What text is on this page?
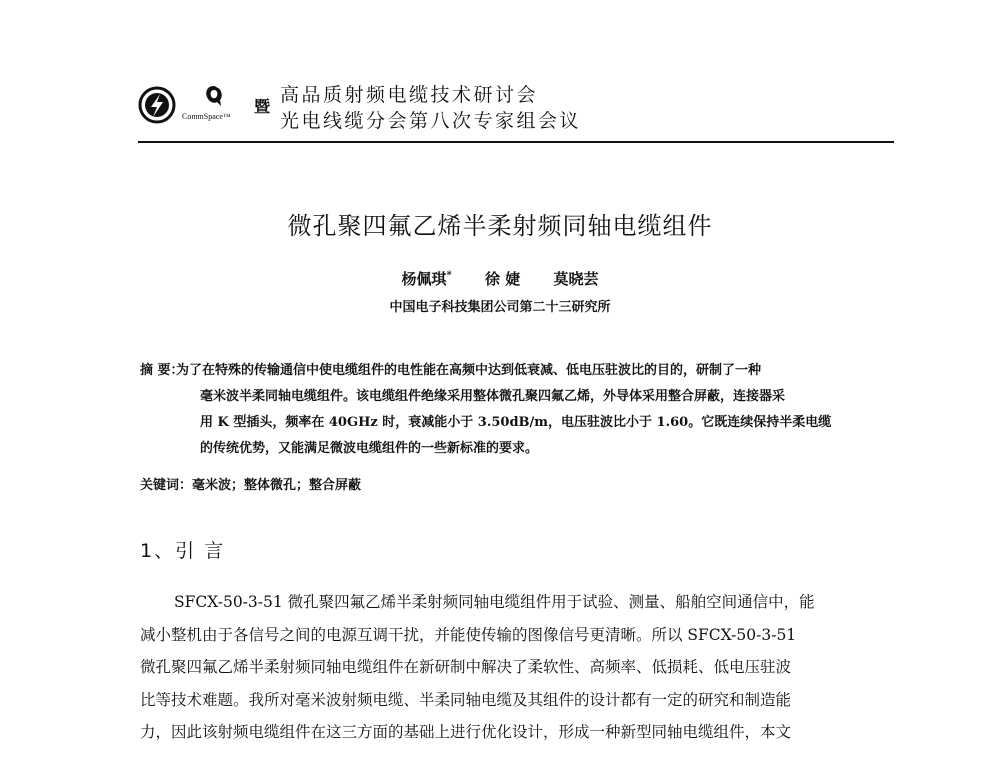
CommSpace™
暨
高品质射频电缆技术研讨会
光电线缆分会第八次专家组会议
微孔聚四氟乙烯半柔射频同轴电缆组件
杨佩琪* 徐 婕 莫晓芸
中国电子科技集团公司第二十三研究所
摘 要：
为了在特殊的传输通信中使电缆组件的电性能在高频中达到低衰减、低电压驻波比的目的，研制了一种
毫米波半柔同轴电缆组件。该电缆组件绝缘采用整体微孔聚四氟乙烯，外导体采用整合屏蔽，连接器采
用 K 型插头，频率在 40GHz 时，衰减能小于 3.50dB/m，电压驻波比小于 1.60。它既连续保持半柔电缆
的传统优势，又能满足微波电缆组件的一些新标准的要求。
关键词：毫米波；整体微孔；整合屏蔽
1、引 言
SFCX-50-3-51 微孔聚四氟乙烯半柔射频同轴电缆组件用于试验、测量、船舶空间通信中，能
减小整机由于各信号之间的电源互调干扰，并能使传输的图像信号更清晰。所以 SFCX-50-3-51
微孔聚四氟乙烯半柔射频同轴电缆组件在新研制中解决了柔软性、高频率、低损耗、低电压驻波
比等技术难题。我所对毫米波射频电缆、半柔同轴电缆及其组件的设计都有一定的研究和制造能
力，因此该射频电缆组件在这三方面的基础上进行优化设计，形成一种新型同轴电缆组件，本文
